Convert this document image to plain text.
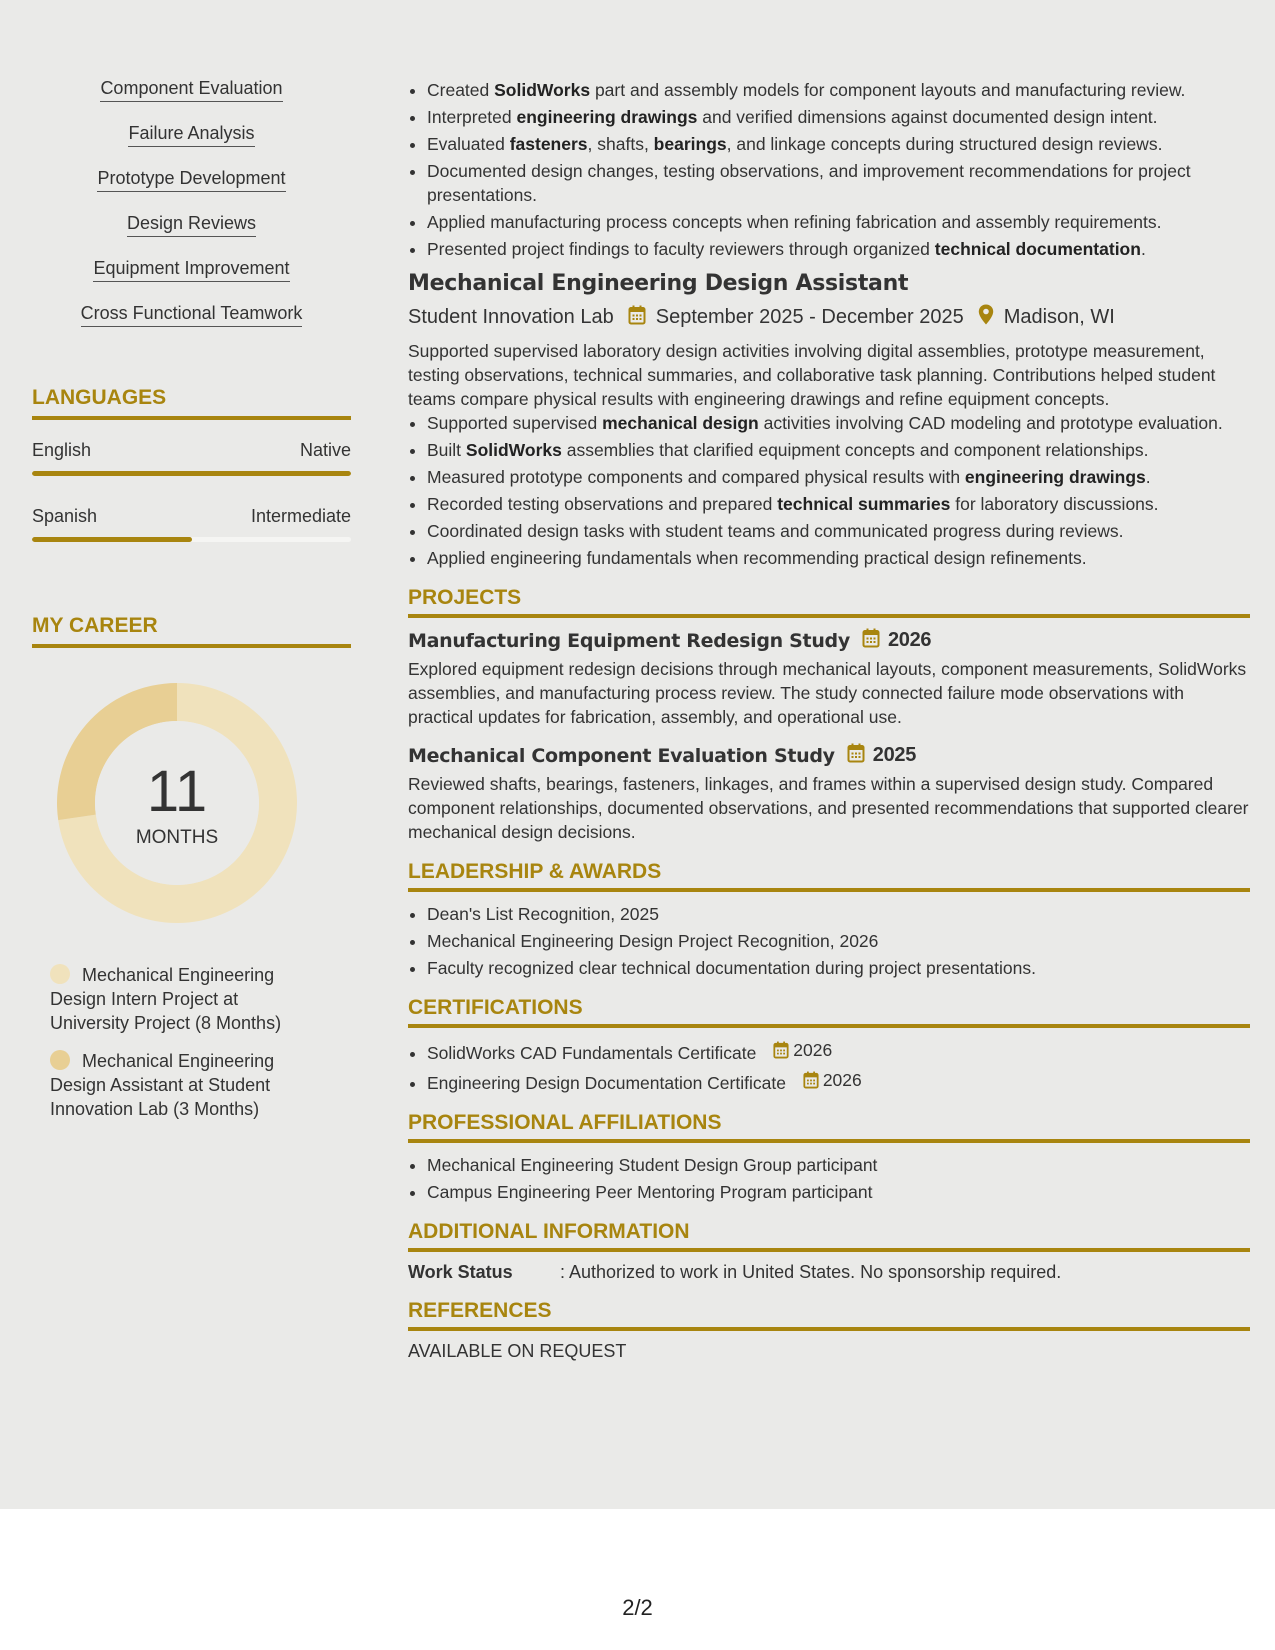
Component Evaluation
Failure Analysis
Prototype Development
Design Reviews
Equipment Improvement
Cross Functional Teamwork
LANGUAGES
English	Native
Spanish	Intermediate
MY CAREER
11
MONTHS
Mechanical Engineering Design Intern Project at University Project (8 Months)
Mechanical Engineering Design Assistant at Student Innovation Lab (3 Months)
• Created SolidWorks part and assembly models for component layouts and manufacturing review.
• Interpreted engineering drawings and verified dimensions against documented design intent.
• Evaluated fasteners, shafts, bearings, and linkage concepts during structured design reviews.
• Documented design changes, testing observations, and improvement recommendations for project presentations.
• Applied manufacturing process concepts when refining fabrication and assembly requirements.
• Presented project findings to faculty reviewers through organized technical documentation.
Mechanical Engineering Design Assistant
Student Innovation Lab September 2025 - December 2025 Madison, WI
Supported supervised laboratory design activities involving digital assemblies, prototype measurement, testing observations, technical summaries, and collaborative task planning. Contributions helped student teams compare physical results with engineering drawings and refine equipment concepts.
• Supported supervised mechanical design activities involving CAD modeling and prototype evaluation.
• Built SolidWorks assemblies that clarified equipment concepts and component relationships.
• Measured prototype components and compared physical results with engineering drawings.
• Recorded testing observations and prepared technical summaries for laboratory discussions.
• Coordinated design tasks with student teams and communicated progress during reviews.
• Applied engineering fundamentals when recommending practical design refinements.
PROJECTS
Manufacturing Equipment Redesign Study 2026
Explored equipment redesign decisions through mechanical layouts, component measurements, SolidWorks assemblies, and manufacturing process review. The study connected failure mode observations with practical updates for fabrication, assembly, and operational use.
Mechanical Component Evaluation Study 2025
Reviewed shafts, bearings, fasteners, linkages, and frames within a supervised design study. Compared component relationships, documented observations, and presented recommendations that supported clearer mechanical design decisions.
LEADERSHIP & AWARDS
• Dean's List Recognition, 2025
• Mechanical Engineering Design Project Recognition, 2026
• Faculty recognized clear technical documentation during project presentations.
CERTIFICATIONS
• SolidWorks CAD Fundamentals Certificate 2026
• Engineering Design Documentation Certificate 2026
PROFESSIONAL AFFILIATIONS
• Mechanical Engineering Student Design Group participant
• Campus Engineering Peer Mentoring Program participant
ADDITIONAL INFORMATION
Work Status	: Authorized to work in United States. No sponsorship required.
REFERENCES
AVAILABLE ON REQUEST
2/2
